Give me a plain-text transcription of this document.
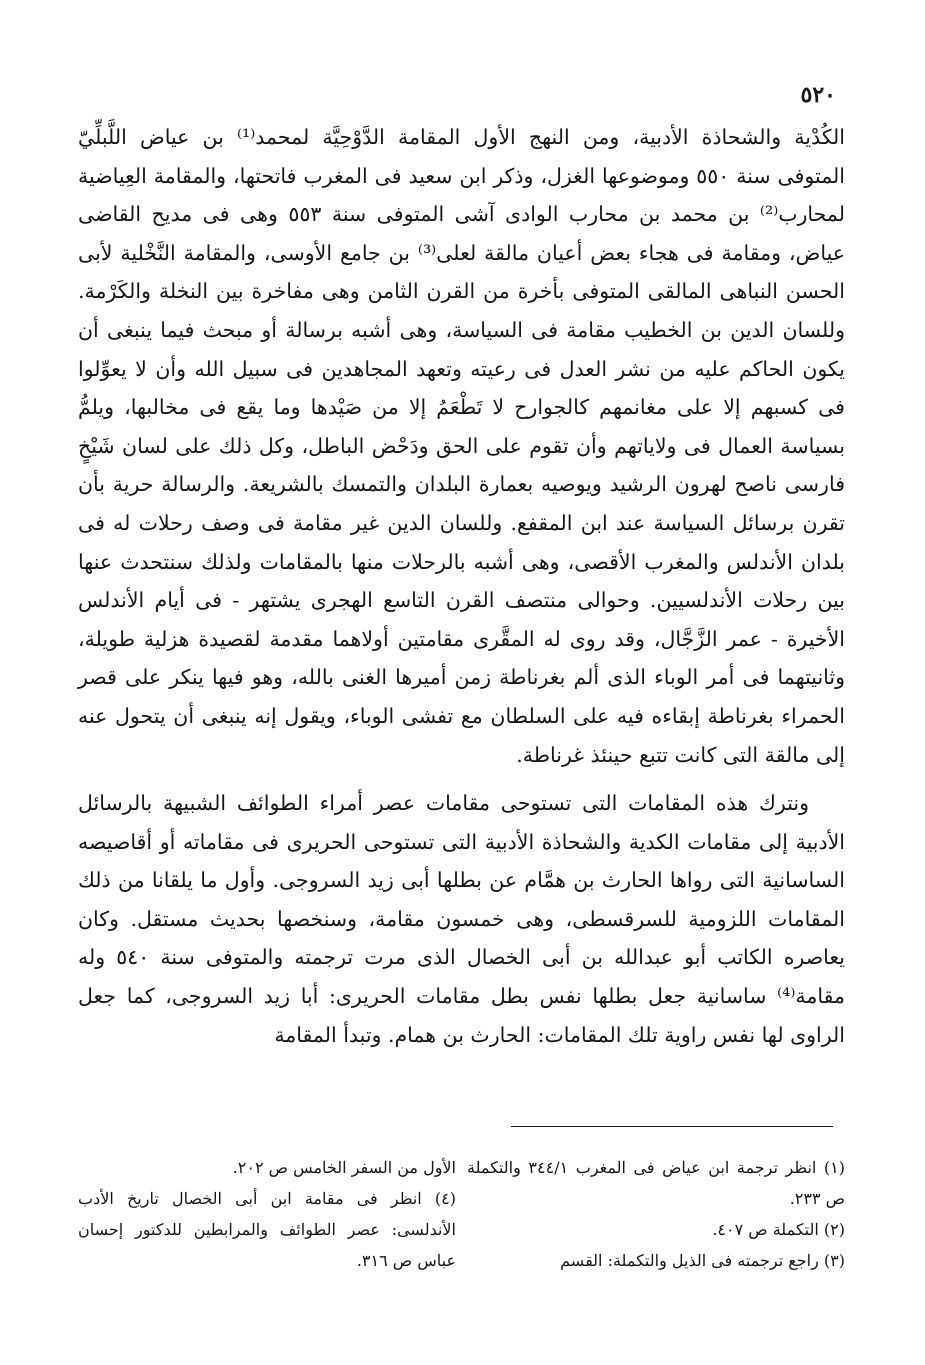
٥٢٠

الكُدْية والشحاذة الأدبية، ومن النهج الأول المقامة الدَّوْحِيَّة لمحمد⁽¹⁾ بن عياض اللَّبلِّيّ المتوفى سنة ٥٥٠ وموضوعها الغزل، وذكر ابن سعيد فى المغرب فاتحتها، والمقامة العِياضية لمحارب⁽²⁾ بن محمد بن محارب الوادى آشى المتوفى سنة ٥٥٣ وهى فى مديح القاضى عياض، ومقامة فى هجاء بعض أعيان مالقة لعلى⁽³⁾ بن جامع الأوسى، والمقامة النَّخْلية لأبى الحسن النباهى المالقى المتوفى بأخرة من القرن الثامن وهى مفاخرة بين النخلة والكَرْمة. وللسان الدين بن الخطيب مقامة فى السياسة، وهى أشبه برسالة أو مبحث فيما ينبغى أن يكون الحاكم عليه من نشر العدل فى رعيته وتعهد المجاهدين فى سبيل الله وأن لا يعوِّلوا فى كسبهم إلا على مغانمهم كالجوارح لا تَطْعَمُ إلا من صَيْدها وما يقع فى مخالبها، ويلمُّ بسياسة العمال فى ولاياتهم وأن تقوم على الحق ودَحْض الباطل، وكل ذلك على لسان شَيْخٍ فارسى ناصح لهرون الرشيد ويوصيه بعمارة البلدان والتمسك بالشريعة. والرسالة حرية بأن تقرن برسائل السياسة عند ابن المقفع. وللسان الدين غير مقامة فى وصف رحلات له فى بلدان الأندلس والمغرب الأقصى، وهى أشبه بالرحلات منها بالمقامات ولذلك سنتحدث عنها بين رحلات الأندلسيين. وحوالى منتصف القرن التاسع الهجرى يشتهر - فى أيام الأندلس الأخيرة - عمر الزَّجَّال، وقد روى له المقَّرى مقامتين أولاهما مقدمة لقصيدة هزلية طويلة، وثانيتهما فى أمر الوباء الذى ألم بغرناطة زمن أميرها الغنى بالله، وهو فيها ينكر على قصر الحمراء بغرناطة إبقاءه فيه على السلطان مع تفشى الوباء، ويقول إنه ينبغى أن يتحول عنه إلى مالقة التى كانت تتبع حينئذ غرناطة.

ونترك هذه المقامات التى تستوحى مقامات عصر أمراء الطوائف الشبيهة بالرسائل الأدبية إلى مقامات الكدية والشحاذة الأدبية التى تستوحى الحريرى فى مقاماته أو أقاصيصه الساسانية التى رواها الحارث بن همَّام عن بطلها أبى زيد السروجى. وأول ما يلقانا من ذلك المقامات اللزومية للسرقسطى، وهى خمسون مقامة، وسنخصها بحديث مستقل. وكان يعاصره الكاتب أبو عبدالله بن أبى الخصال الذى مرت ترجمته والمتوفى سنة ٥٤٠ وله مقامة⁽⁴⁾ ساسانية جعل بطلها نفس بطل مقامات الحريرى: أبا زيد السروجى، كما جعل الراوى لها نفس راوية تلك المقامات: الحارث بن همام. وتبدأ المقامة

(١) انظر ترجمة ابن عياض فى المغرب ٣٤٤/١ والتكملة ص ٢٣٣.

(٢) التكملة ص ٤٠٧.

(٣) راجع ترجمته فى الذيل والتكملة: القسم

الأول من السفر الخامس ص ٢٠٢.

(٤) انظر فى مقامة ابن أبى الخصال تاريخ الأدب الأندلسى: عصر الطوائف والمرابطين للدكتور إحسان عباس ص ٣١٦.
